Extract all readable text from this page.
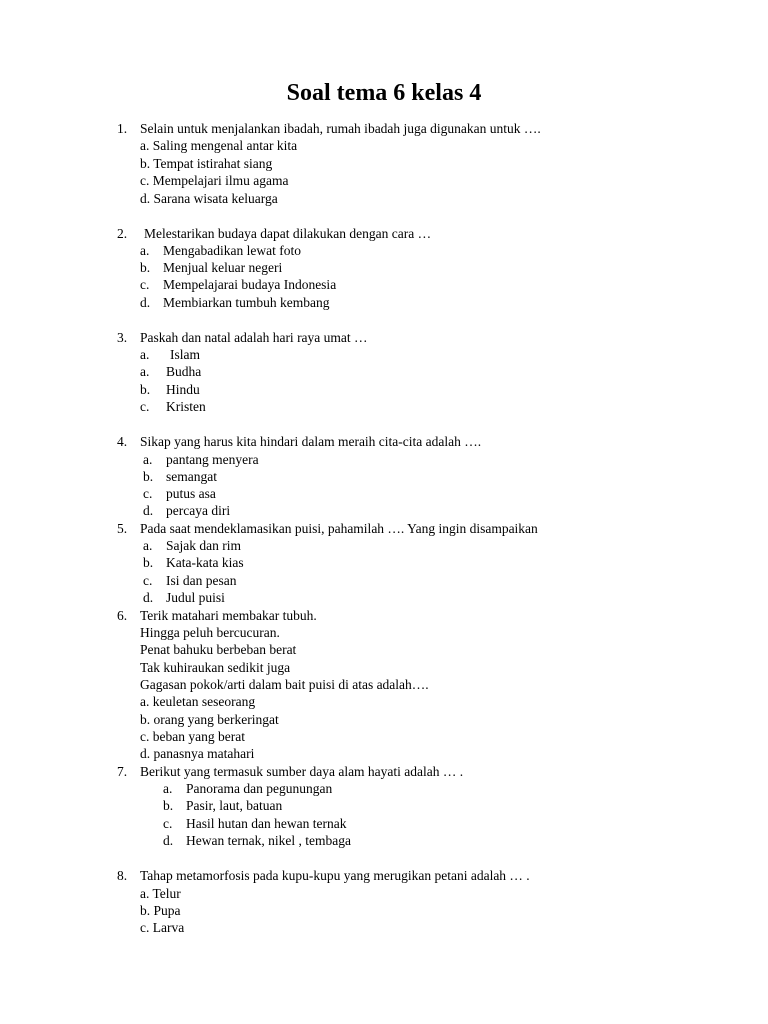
Soal tema 6 kelas 4
1. Selain untuk menjalankan ibadah, rumah ibadah juga digunakan untuk ….
a. Saling mengenal antar kita
b. Tempat istirahat siang
c. Mempelajari ilmu agama
d. Sarana wisata keluarga
2. Melestarikan budaya dapat dilakukan dengan cara …
a. Mengabadikan lewat foto
b. Menjual keluar negeri
c. Mempelajarai budaya Indonesia
d. Membiarkan tumbuh kembang
3. Paskah dan natal adalah hari raya umat …
a. Islam
a. Budha
b. Hindu
c. Kristen
4. Sikap yang harus kita hindari dalam meraih cita-cita adalah ….
a. pantang menyera
b. semangat
c. putus asa
d. percaya diri
5. Pada saat mendeklamasikan puisi, pahamilah …. Yang ingin disampaikan
a. Sajak dan rim
b. Kata-kata kias
c. Isi dan pesan
d. Judul puisi
6. Terik matahari membakar tubuh.
Hingga peluh bercucuran.
Penat bahuku berbeban berat
Tak kuhiraukan sedikit juga
Gagasan pokok/arti dalam bait puisi di atas adalah….
a. keuletan seseorang
b. orang yang berkeringat
c. beban yang berat
d. panasnya matahari
7. Berikut yang termasuk sumber daya alam hayati adalah … .
a. Panorama dan pegunungan
b. Pasir, laut, batuan
c. Hasil hutan dan hewan ternak
d. Hewan ternak, nikel , tembaga
8. Tahap metamorfosis pada kupu-kupu yang merugikan petani adalah … .
a. Telur
b. Pupa
c. Larva
